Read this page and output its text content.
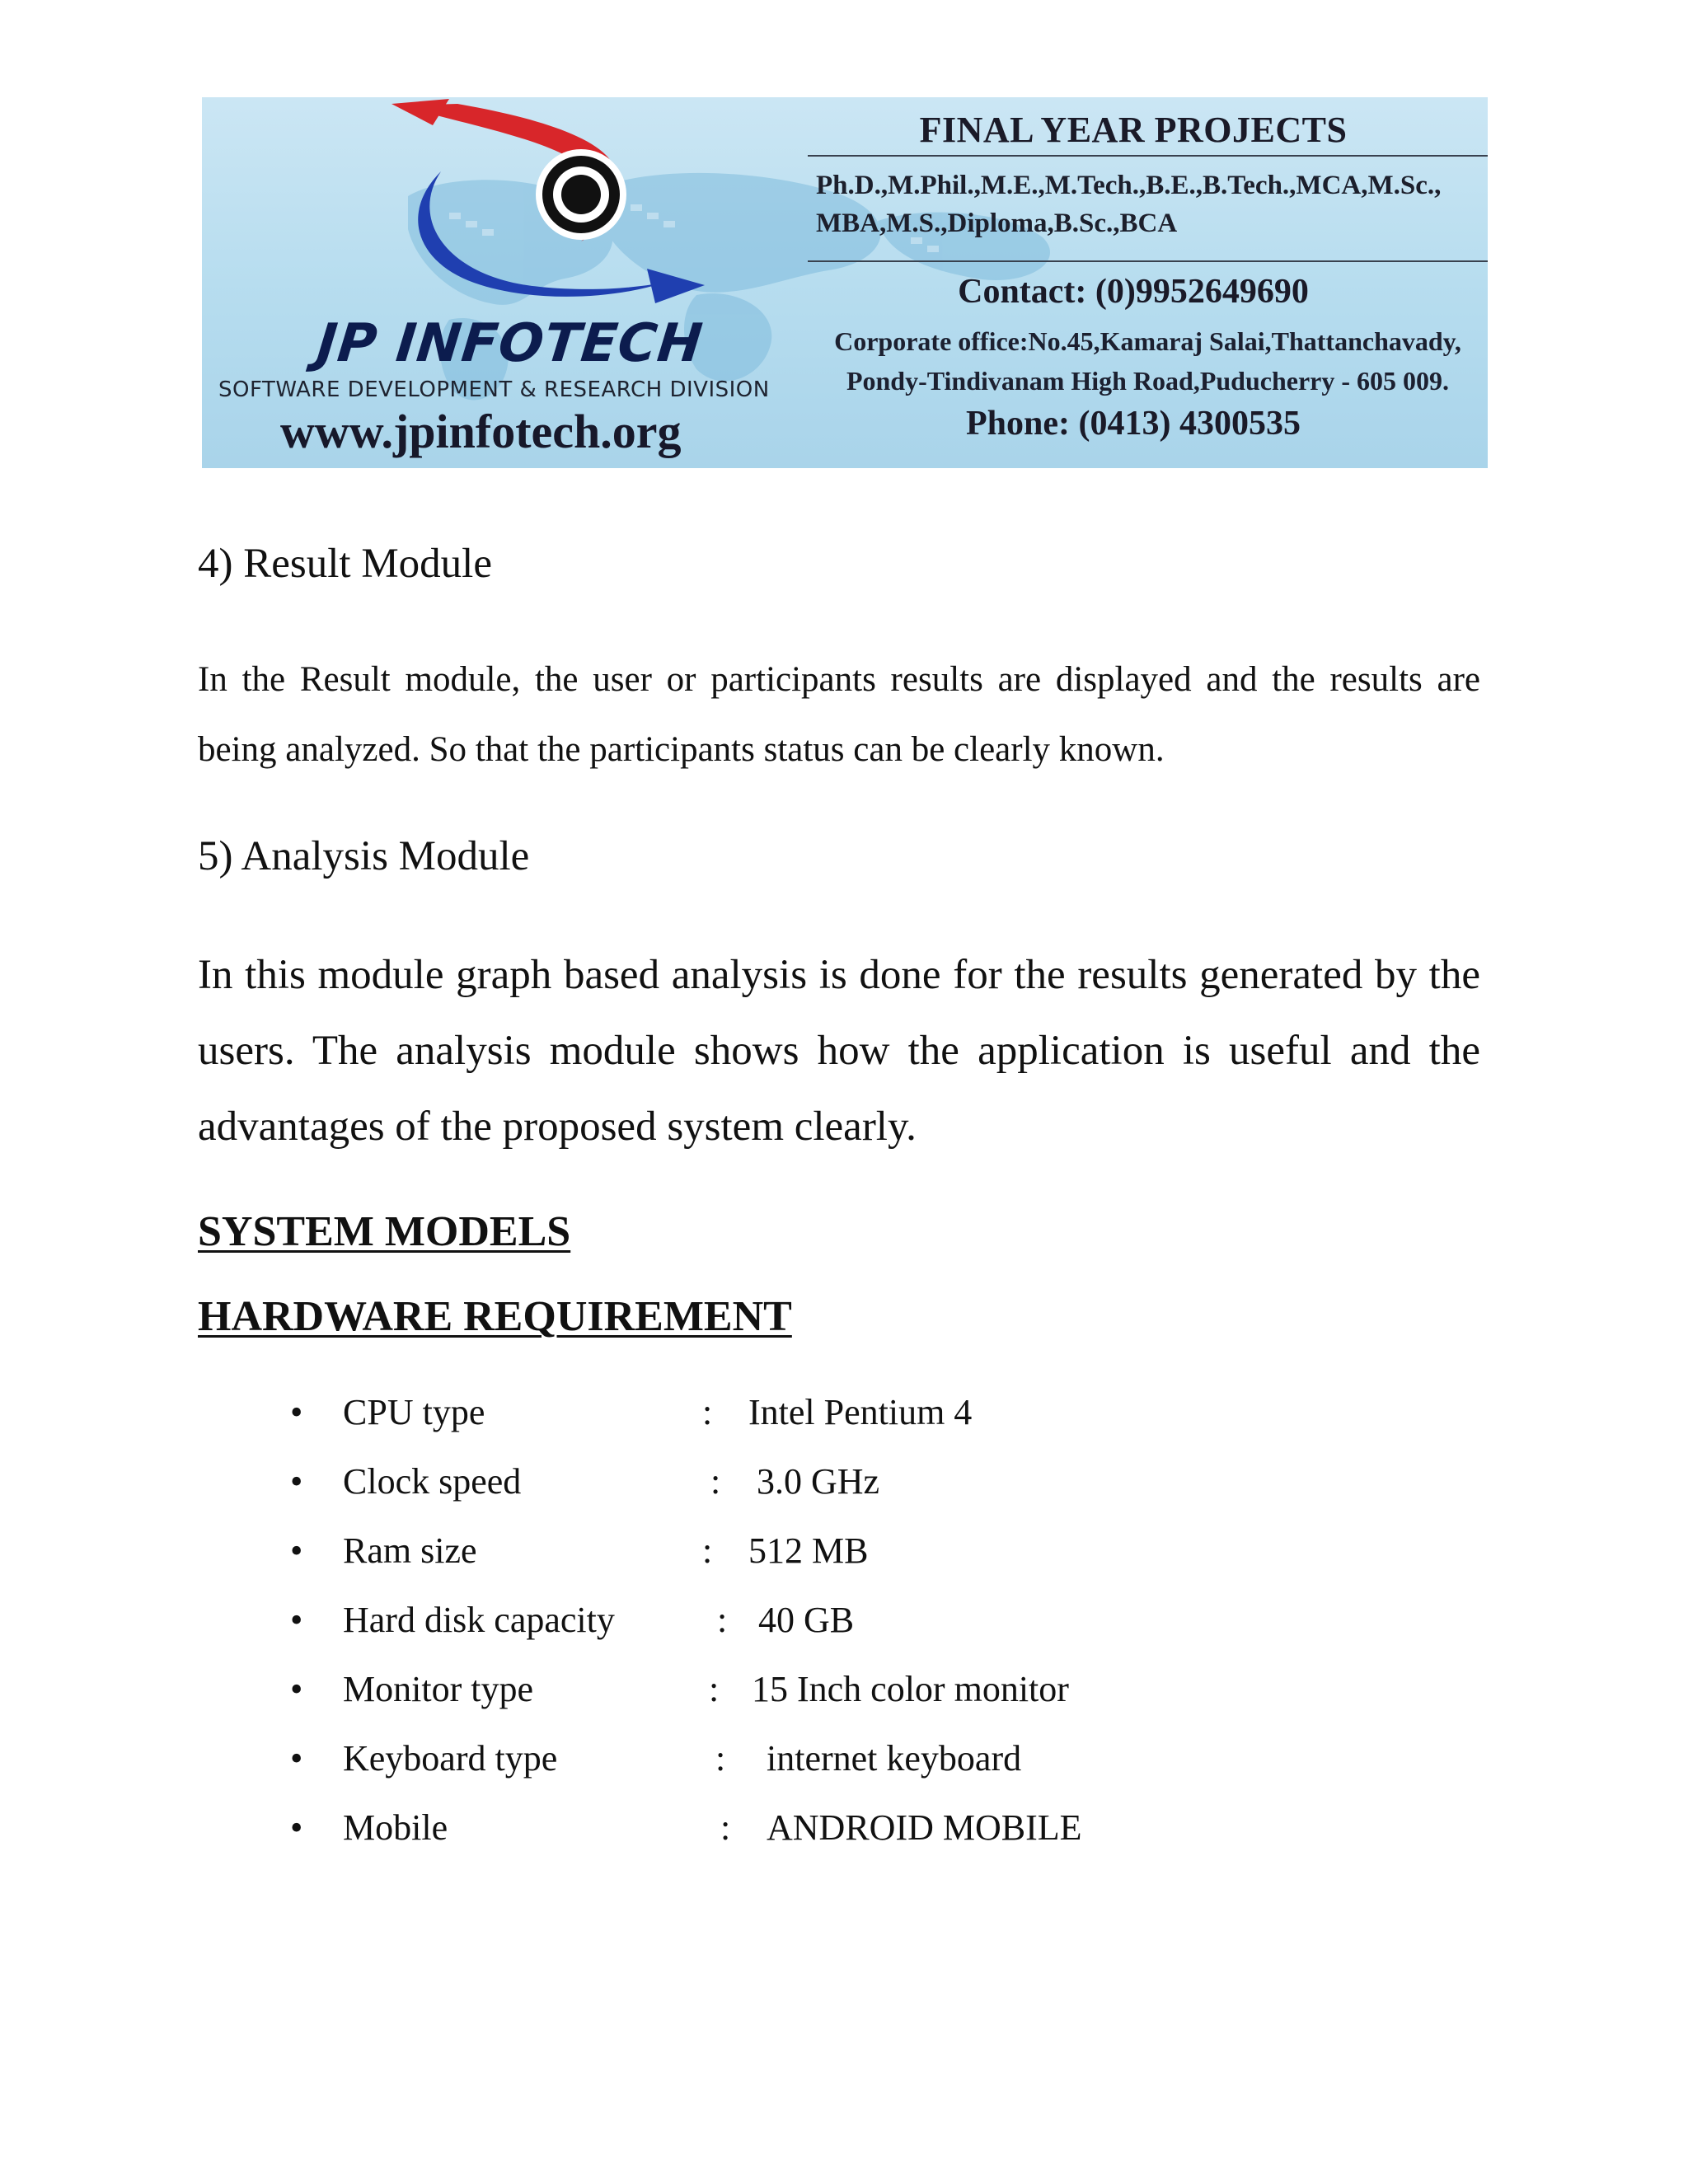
JP INFOTECH
SOFTWARE DEVELOPMENT & RESEARCH DIVISION
www.jpinfotech.org
FINAL YEAR PROJECTS
Ph.D.,M.Phil.,M.E.,M.Tech.,B.E.,B.Tech.,MCA,M.Sc.,
MBA,M.S.,Diploma,B.Sc.,BCA
Contact: (0)9952649690
Corporate office:No.45,Kamaraj Salai,Thattanchavady,
Pondy-Tindivanam High Road,Puducherry - 605 009.
Phone: (0413) 4300535
4) Result Module
In the Result module, the user or participants results are displayed and the results are being analyzed. So that the participants status can be clearly known.
5) Analysis Module
In this module graph based analysis is done for the results generated by the users. The analysis module shows how the application is useful and the advantages of the proposed system clearly.
SYSTEM MODELS
HARDWARE REQUIREMENT
• CPU type	: Intel Pentium 4
• Clock speed	: 3.0 GHz
• Ram size	: 512 MB
• Hard disk capacity	: 40 GB
• Monitor type	: 15 Inch color monitor
• Keyboard type	: internet keyboard
• Mobile	: ANDROID MOBILE
